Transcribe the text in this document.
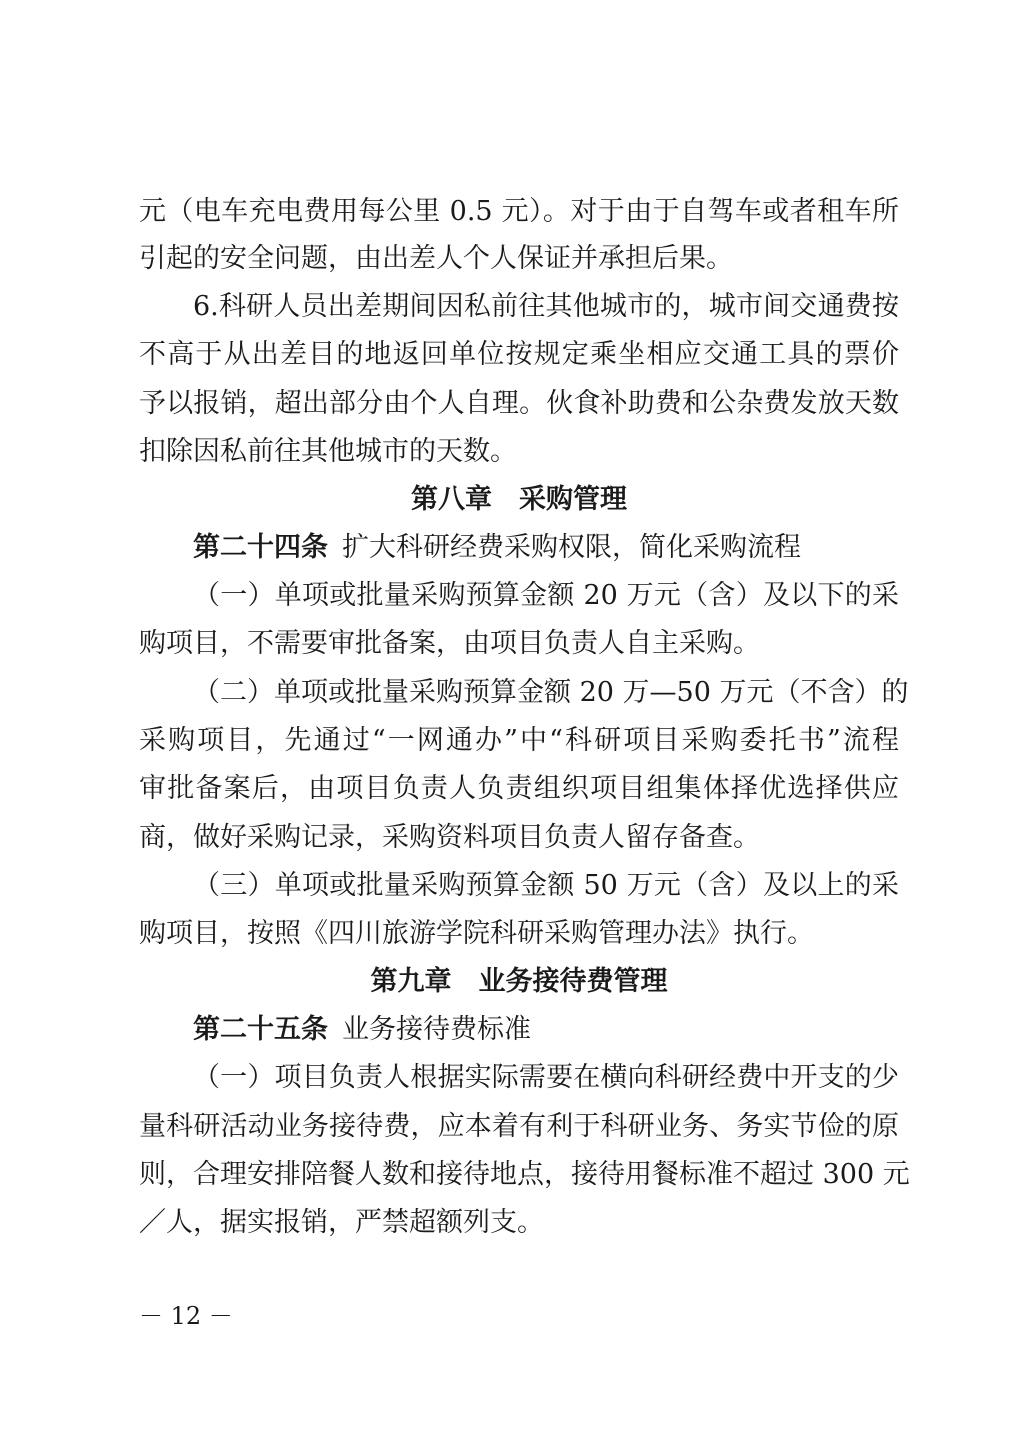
元（电车充电费用每公里 0.5 元）。对于由于自驾车或者租车所
引起的安全问题，由出差人个人保证并承担后果。
6.科研人员出差期间因私前往其他城市的，城市间交通费按
不高于从出差目的地返回单位按规定乘坐相应交通工具的票价
予以报销，超出部分由个人自理。伙食补助费和公杂费发放天数
扣除因私前往其他城市的天数。
第八章　采购管理
第二十四条 扩大科研经费采购权限，简化采购流程
（一）单项或批量采购预算金额 20 万元（含）及以下的采
购项目，不需要审批备案，由项目负责人自主采购。
（二）单项或批量采购预算金额 20 万—50 万元（不含）的
采购项目，先通过“一网通办”中“科研项目采购委托书”流程
审批备案后，由项目负责人负责组织项目组集体择优选择供应
商，做好采购记录，采购资料项目负责人留存备查。
（三）单项或批量采购预算金额 50 万元（含）及以上的采
购项目，按照《四川旅游学院科研采购管理办法》执行。
第九章　业务接待费管理
第二十五条 业务接待费标准
（一）项目负责人根据实际需要在横向科研经费中开支的少
量科研活动业务接待费，应本着有利于科研业务、务实节俭的原
则，合理安排陪餐人数和接待地点，接待用餐标准不超过 300 元
／人，据实报销，严禁超额列支。
－ 12 －
